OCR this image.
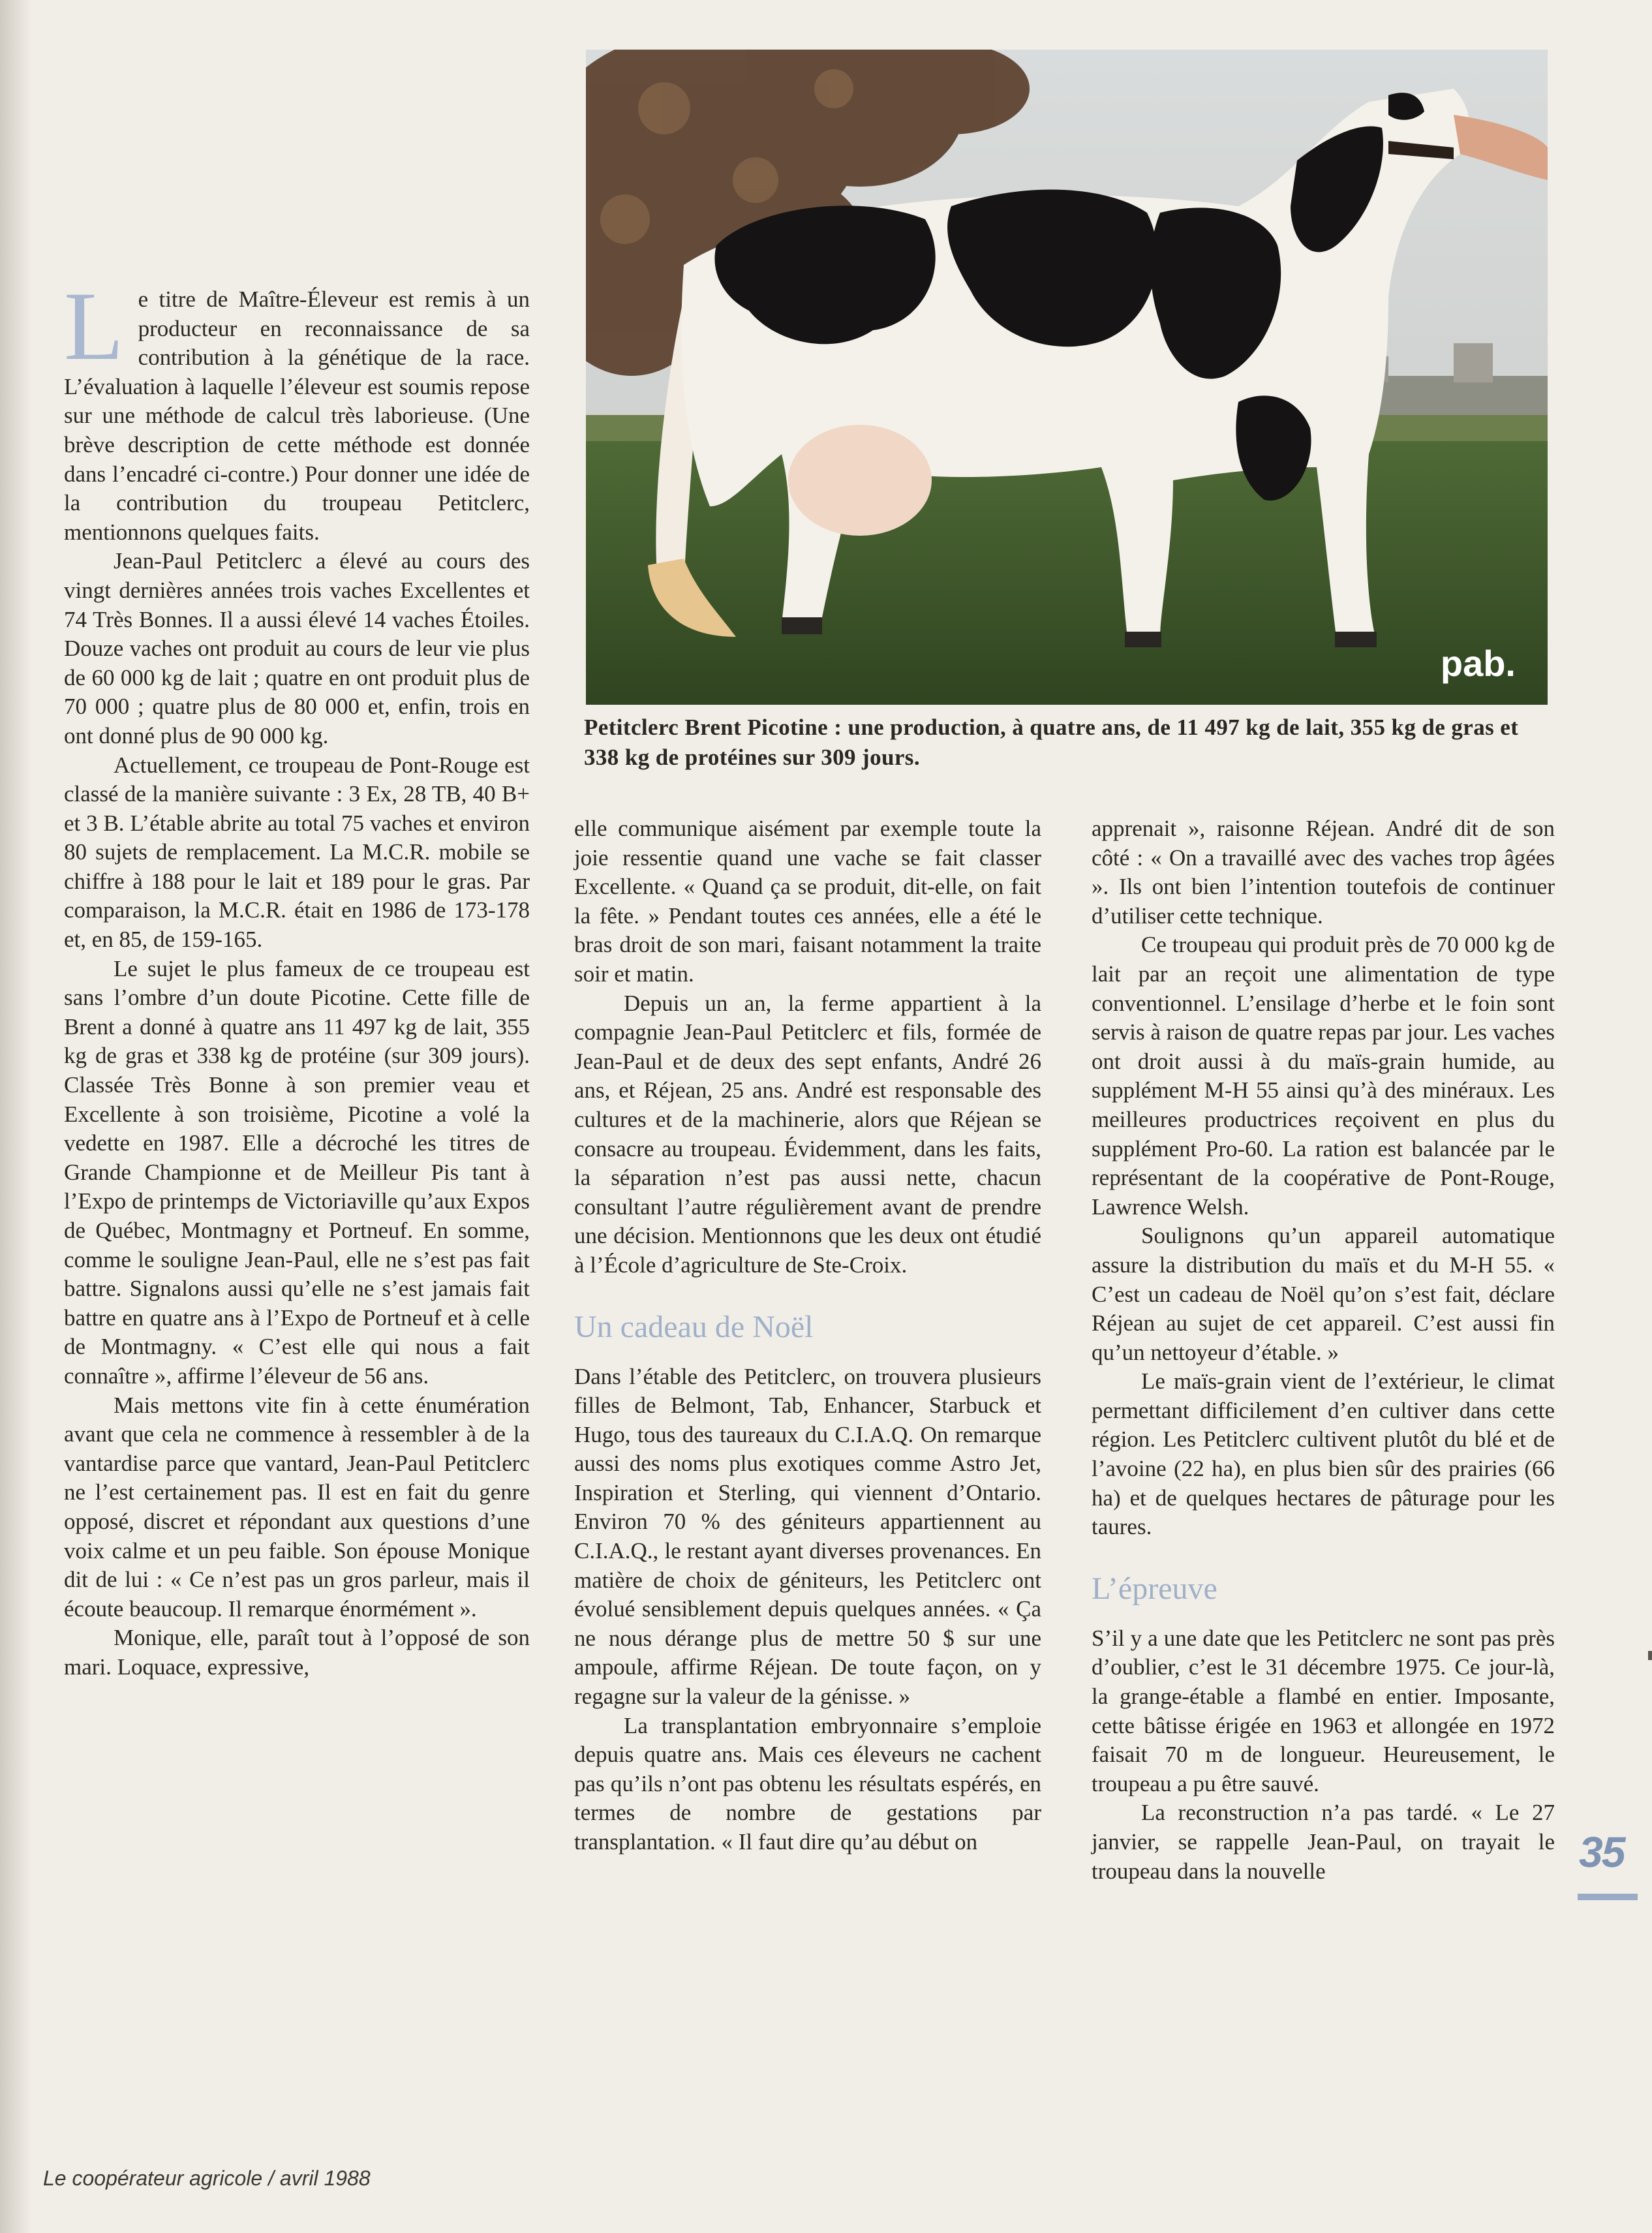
pab.
Petitclerc Brent Picotine : une production, à quatre ans, de 11 497 kg de lait, 355 kg de gras et 338 kg de protéines sur 309 jours.

Le titre de Maître-Éleveur est remis à un producteur en reconnaissance de sa contribution à la génétique de la race. L’évaluation à laquelle l’éleveur est soumis repose sur une méthode de calcul très laborieuse. (Une brève description de cette méthode est donnée dans l’encadré ci-contre.) Pour donner une idée de la contribution du troupeau Petitclerc, mentionnons quelques faits.

Jean-Paul Petitclerc a élevé au cours des vingt dernières années trois vaches Excellentes et 74 Très Bonnes. Il a aussi élevé 14 vaches Étoiles. Douze vaches ont produit au cours de leur vie plus de 60 000 kg de lait ; quatre en ont produit plus de 70 000 ; quatre plus de 80 000 et, enfin, trois en ont donné plus de 90 000 kg.

Actuellement, ce troupeau de Pont-Rouge est classé de la manière suivante : 3 Ex, 28 TB, 40 B+ et 3 B. L’étable abrite au total 75 vaches et environ 80 sujets de remplacement. La M.C.R. mobile se chiffre à 188 pour le lait et 189 pour le gras. Par comparaison, la M.C.R. était en 1986 de 173-178 et, en 85, de 159-165.

Le sujet le plus fameux de ce troupeau est sans l’ombre d’un doute Picotine. Cette fille de Brent a donné à quatre ans 11 497 kg de lait, 355 kg de gras et 338 kg de protéine (sur 309 jours). Classée Très Bonne à son premier veau et Excellente à son troisième, Picotine a volé la vedette en 1987. Elle a décroché les titres de Grande Championne et de Meilleur Pis tant à l’Expo de printemps de Victoriaville qu’aux Expos de Québec, Montmagny et Portneuf. En somme, comme le souligne Jean-Paul, elle ne s’est pas fait battre. Signalons aussi qu’elle ne s’est jamais fait battre en quatre ans à l’Expo de Portneuf et à celle de Montmagny. « C’est elle qui nous a fait connaître », affirme l’éleveur de 56 ans.

Mais mettons vite fin à cette énumération avant que cela ne commence à ressembler à de la vantardise parce que vantard, Jean-Paul Petitclerc ne l’est certainement pas. Il est en fait du genre opposé, discret et répondant aux questions d’une voix calme et un peu faible. Son épouse Monique dit de lui : « Ce n’est pas un gros parleur, mais il écoute beaucoup. Il remarque énormément ».

Monique, elle, paraît tout à l’opposé de son mari. Loquace, expressive,

elle communique aisément par exemple toute la joie ressentie quand une vache se fait classer Excellente. « Quand ça se produit, dit-elle, on fait la fête. » Pendant toutes ces années, elle a été le bras droit de son mari, faisant notamment la traite soir et matin.

Depuis un an, la ferme appartient à la compagnie Jean-Paul Petitclerc et fils, formée de Jean-Paul et de deux des sept enfants, André 26 ans, et Réjean, 25 ans. André est responsable des cultures et de la machinerie, alors que Réjean se consacre au troupeau. Évidemment, dans les faits, la séparation n’est pas aussi nette, chacun consultant l’autre régulièrement avant de prendre une décision. Mentionnons que les deux ont étudié à l’École d’agriculture de Ste-Croix.

Un cadeau de Noël

Dans l’étable des Petitclerc, on trouvera plusieurs filles de Belmont, Tab, Enhancer, Starbuck et Hugo, tous des taureaux du C.I.A.Q. On remarque aussi des noms plus exotiques comme Astro Jet, Inspiration et Sterling, qui viennent d’Ontario. Environ 70 % des géniteurs appartiennent au C.I.A.Q., le restant ayant diverses provenances. En matière de choix de géniteurs, les Petitclerc ont évolué sensiblement depuis quelques années. « Ça ne nous dérange plus de mettre 50 $ sur une ampoule, affirme Réjean. De toute façon, on y regagne sur la valeur de la génisse. »

La transplantation embryonnaire s’emploie depuis quatre ans. Mais ces éleveurs ne cachent pas qu’ils n’ont pas obtenu les résultats espérés, en termes de nombre de gestations par transplantation. « Il faut dire qu’au début on

apprenait », raisonne Réjean. André dit de son côté : « On a travaillé avec des vaches trop âgées ». Ils ont bien l’intention toutefois de continuer d’utiliser cette technique.

Ce troupeau qui produit près de 70 000 kg de lait par an reçoit une alimentation de type conventionnel. L’ensilage d’herbe et le foin sont servis à raison de quatre repas par jour. Les vaches ont droit aussi à du maïs-grain humide, au supplément M-H 55 ainsi qu’à des minéraux. Les meilleures productrices reçoivent en plus du supplément Pro-60. La ration est balancée par le représentant de la coopérative de Pont-Rouge, Lawrence Welsh.

Soulignons qu’un appareil automatique assure la distribution du maïs et du M-H 55. « C’est un cadeau de Noël qu’on s’est fait, déclare Réjean au sujet de cet appareil. C’est aussi fin qu’un nettoyeur d’étable. »

Le maïs-grain vient de l’extérieur, le climat permettant difficilement d’en cultiver dans cette région. Les Petitclerc cultivent plutôt du blé et de l’avoine (22 ha), en plus bien sûr des prairies (66 ha) et de quelques hectares de pâturage pour les taures.

L’épreuve

S’il y a une date que les Petitclerc ne sont pas près d’oublier, c’est le 31 décembre 1975. Ce jour-là, la grange-étable a flambé en entier. Imposante, cette bâtisse érigée en 1963 et allongée en 1972 faisait 70 m de longueur. Heureusement, le troupeau a pu être sauvé.

La reconstruction n’a pas tardé. « Le 27 janvier, se rappelle Jean-Paul, on trayait le troupeau dans la nouvelle	35
Le coopérateur agricole / avril 1988
